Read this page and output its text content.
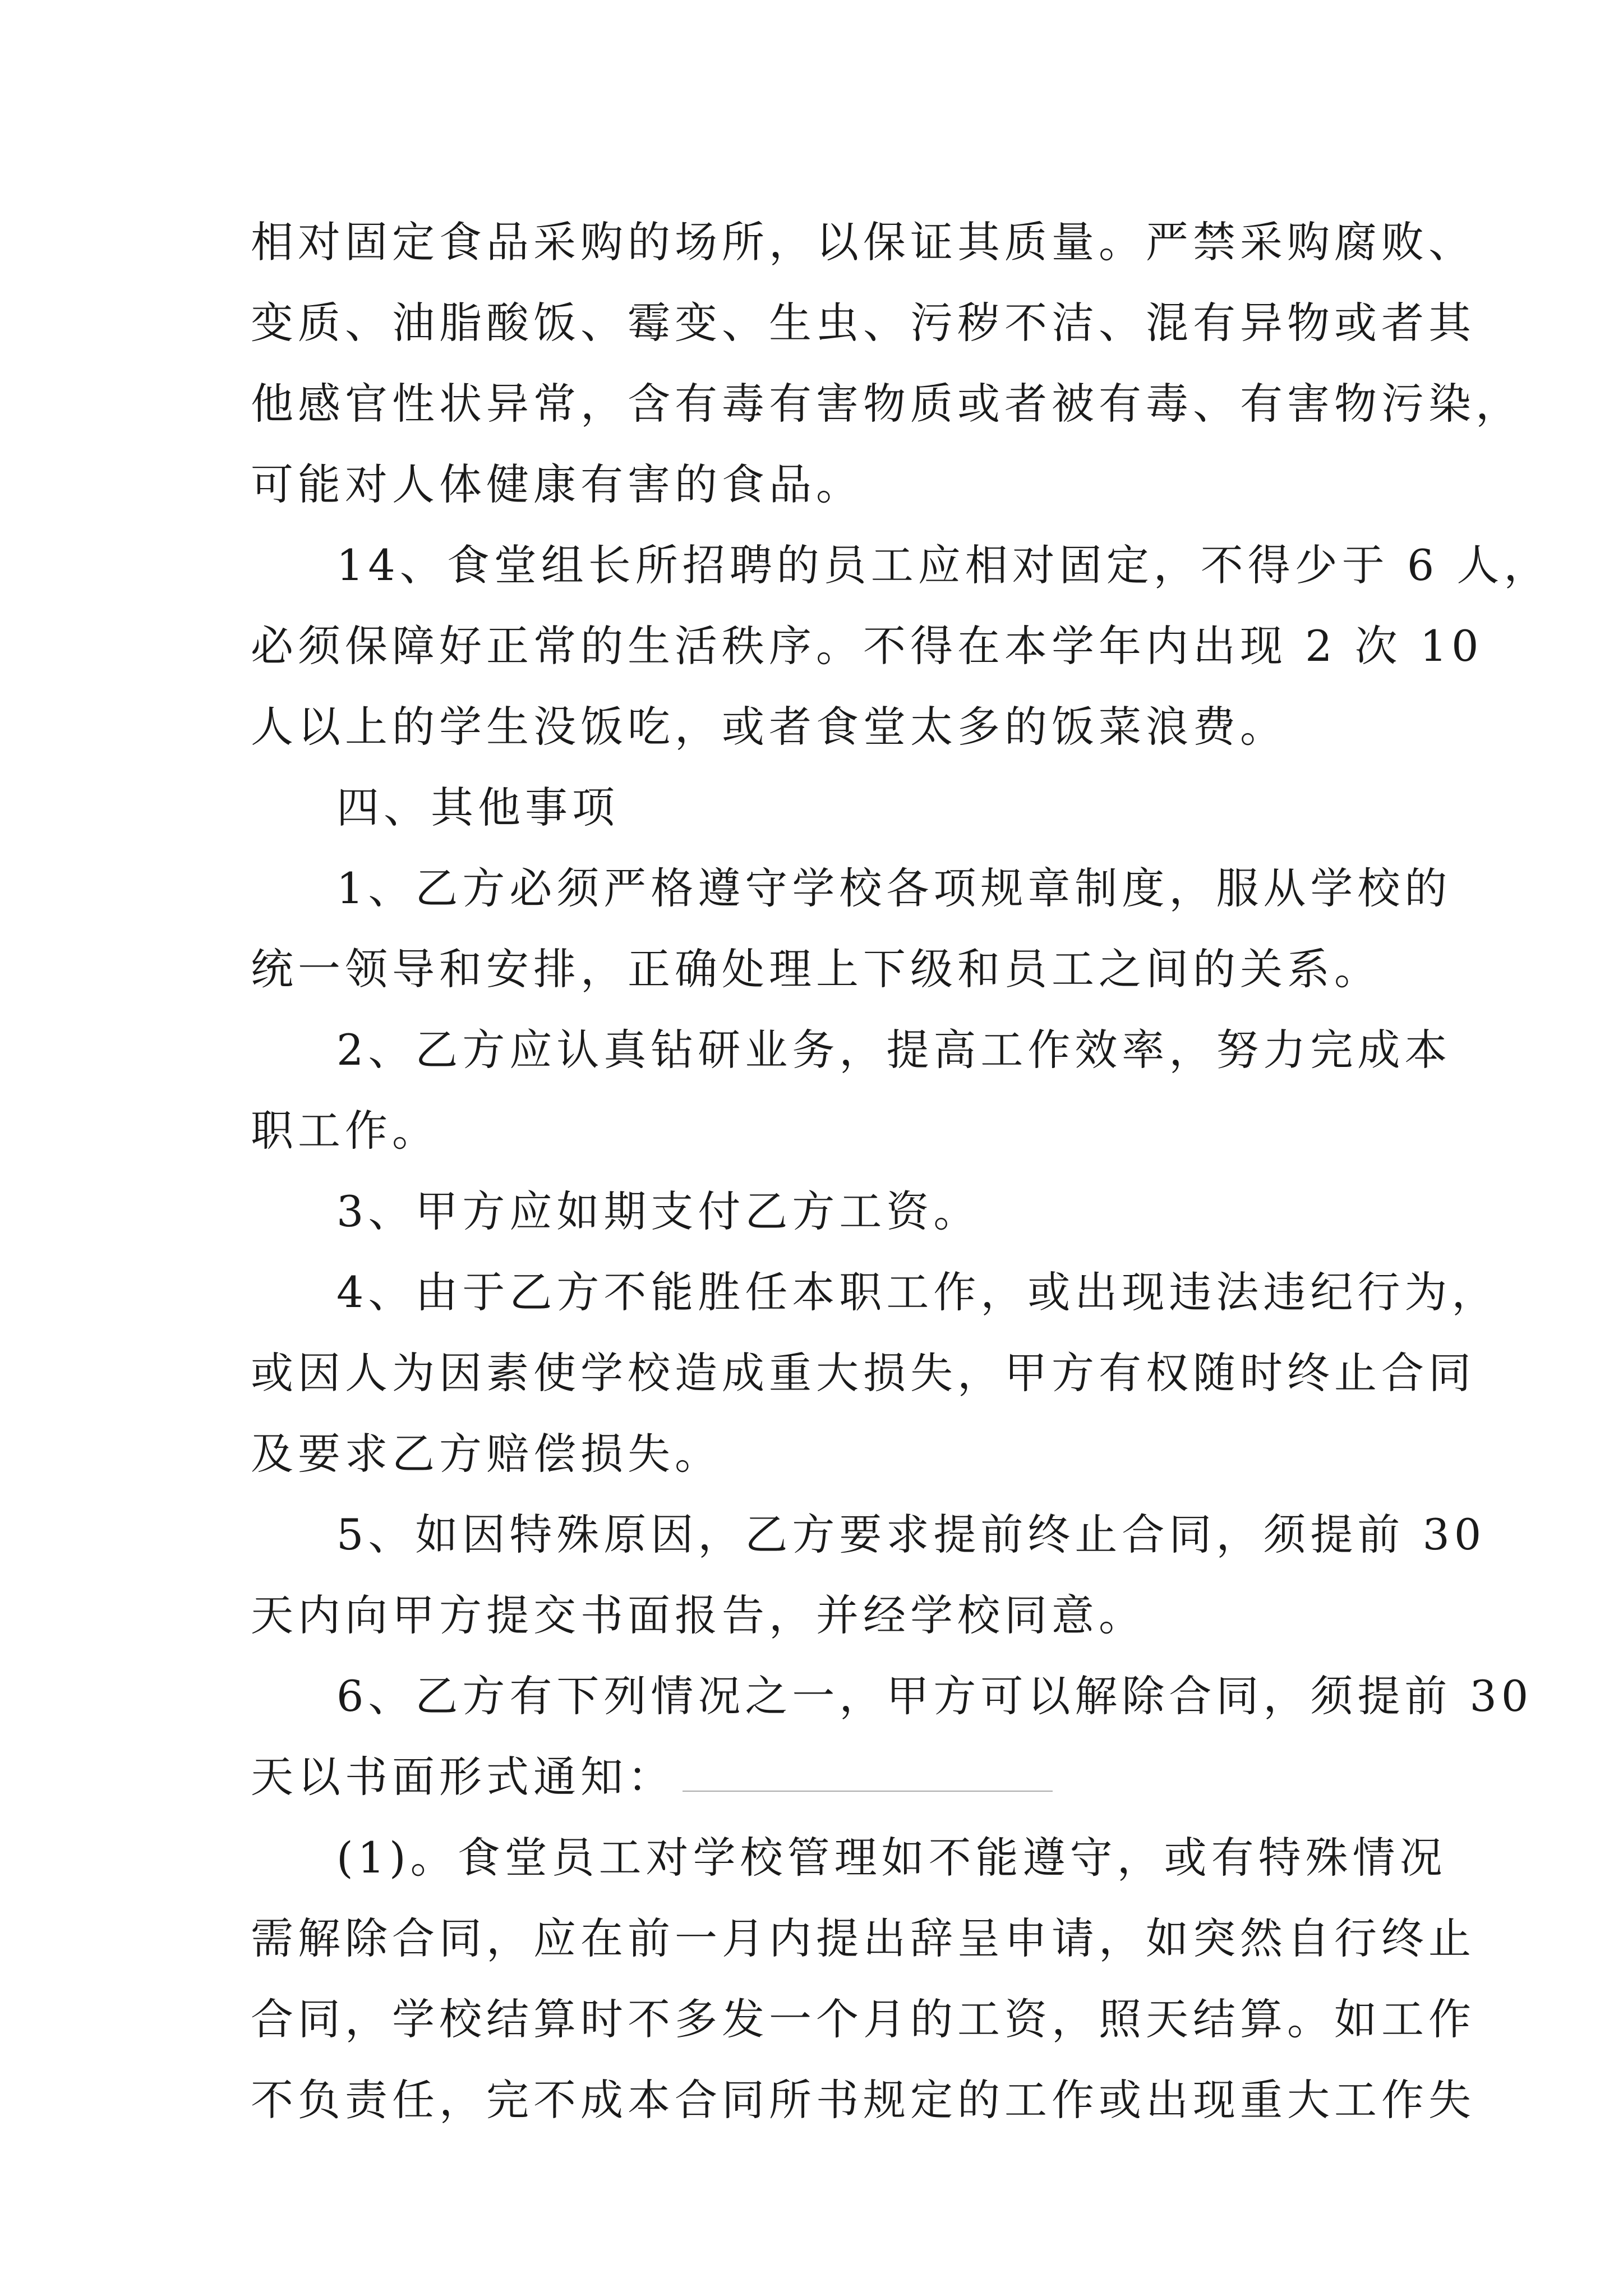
相对固定食品采购的场所，以保证其质量。严禁采购腐败、
变质、油脂酸饭、霉变、生虫、污秽不洁、混有异物或者其
他感官性状异常，含有毒有害物质或者被有毒、有害物污染，
可能对人体健康有害的食品。
14、食堂组长所招聘的员工应相对固定，不得少于 6 人，
必须保障好正常的生活秩序。不得在本学年内出现 2 次 10
人以上的学生没饭吃，或者食堂太多的饭菜浪费。
四、其他事项
1、乙方必须严格遵守学校各项规章制度，服从学校的
统一领导和安排，正确处理上下级和员工之间的关系。
2、乙方应认真钻研业务，提高工作效率，努力完成本
职工作。
3、甲方应如期支付乙方工资。
4、由于乙方不能胜任本职工作，或出现违法违纪行为，
或因人为因素使学校造成重大损失，甲方有权随时终止合同
及要求乙方赔偿损失。
5、如因特殊原因，乙方要求提前终止合同，须提前 30
天内向甲方提交书面报告，并经学校同意。
6、乙方有下列情况之一，甲方可以解除合同，须提前 30
天以书面形式通知：
(1)。食堂员工对学校管理如不能遵守，或有特殊情况
需解除合同，应在前一月内提出辞呈申请，如突然自行终止
合同，学校结算时不多发一个月的工资，照天结算。如工作
不负责任，完不成本合同所书规定的工作或出现重大工作失
